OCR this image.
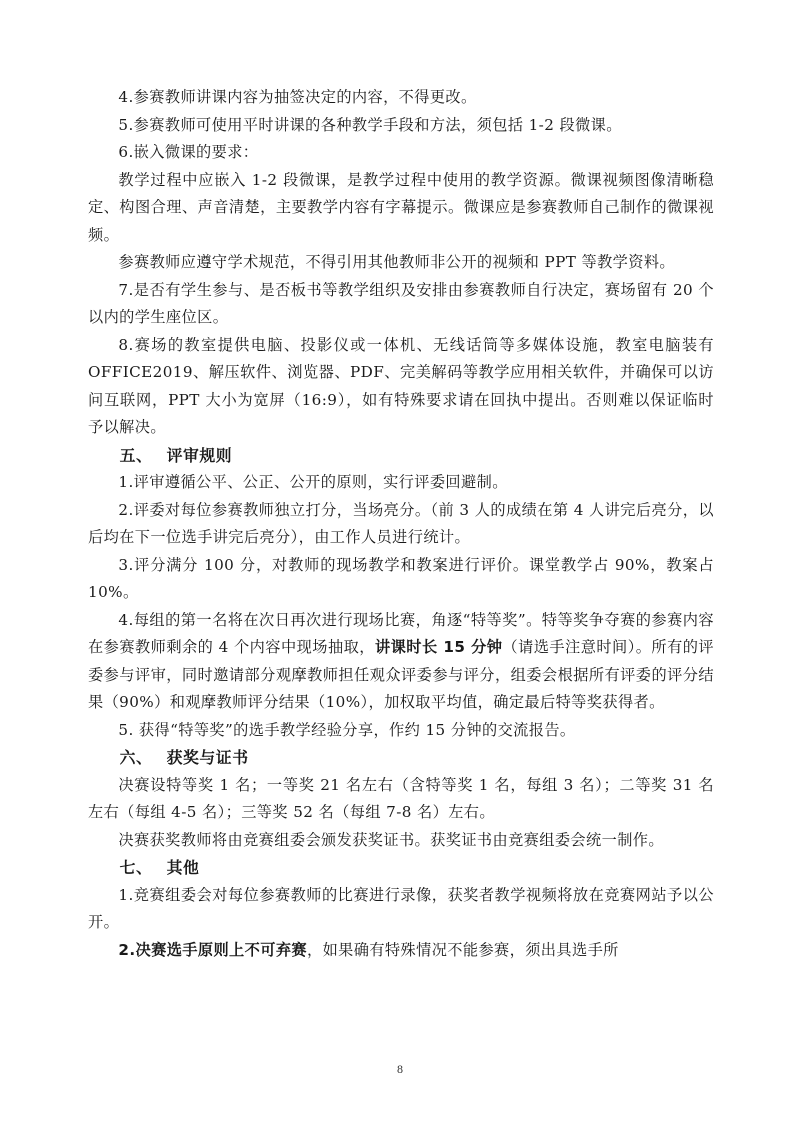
4.参赛教师讲课内容为抽签决定的内容，不得更改。

5.参赛教师可使用平时讲课的各种教学手段和方法，须包括 1-2 段微课。

6.嵌入微课的要求：

教学过程中应嵌入 1-2 段微课，是教学过程中使用的教学资源。微课视频图像清晰稳定、构图合理、声音清楚，主要教学内容有字幕提示。微课应是参赛教师自己制作的微课视频。

参赛教师应遵守学术规范，不得引用其他教师非公开的视频和 PPT 等教学资料。

7.是否有学生参与、是否板书等教学组织及安排由参赛教师自行决定，赛场留有 20 个以内的学生座位区。

8.赛场的教室提供电脑、投影仪或一体机、无线话筒等多媒体设施，教室电脑装有 OFFICE2019、解压软件、浏览器、PDF、完美解码等教学应用相关软件，并确保可以访问互联网，PPT 大小为宽屏（16:9），如有特殊要求请在回执中提出。否则难以保证临时予以解决。

五、 评审规则

1.评审遵循公平、公正、公开的原则，实行评委回避制。

2.评委对每位参赛教师独立打分，当场亮分。（前 3 人的成绩在第 4 人讲完后亮分，以后均在下一位选手讲完后亮分），由工作人员进行统计。

3.评分满分 100 分，对教师的现场教学和教案进行评价。课堂教学占 90%，教案占 10%。

4.每组的第一名将在次日再次进行现场比赛，角逐“特等奖”。特等奖争夺赛的参赛内容在参赛教师剩余的 4 个内容中现场抽取，讲课时长 15 分钟（请选手注意时间）。所有的评委参与评审，同时邀请部分观摩教师担任观众评委参与评分，组委会根据所有评委的评分结果（90%）和观摩教师评分结果（10%），加权取平均值，确定最后特等奖获得者。

5. 获得“特等奖”的选手教学经验分享，作约 15 分钟的交流报告。

六、 获奖与证书

决赛设特等奖 1 名；一等奖 21 名左右（含特等奖 1 名，每组 3 名）；二等奖 31 名左右（每组 4-5 名）；三等奖 52 名（每组 7-8 名）左右。

决赛获奖教师将由竞赛组委会颁发获奖证书。获奖证书由竞赛组委会统一制作。

七、 其他

1.竞赛组委会对每位参赛教师的比赛进行录像，获奖者教学视频将放在竞赛网站予以公开。

2.决赛选手原则上不可弃赛，如果确有特殊情况不能参赛，须出具选手所

8
